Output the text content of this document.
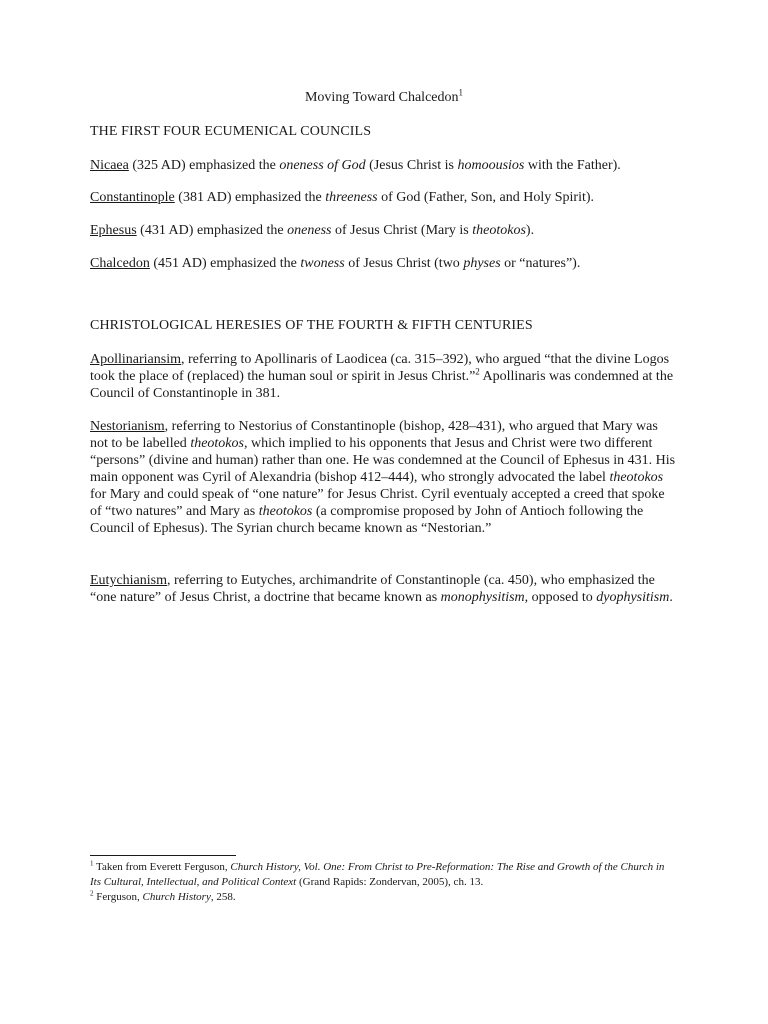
Moving Toward Chalcedon$^1$
THE FIRST FOUR ECUMENICAL COUNCILS

Nicaea (325 AD) emphasized the oneness of God (Jesus Christ is homoousios with the Father).

Constantinople (381 AD) emphasized the threeness of God (Father, Son, and Holy Spirit).

Ephesus (431 AD) emphasized the oneness of Jesus Christ (Mary is theotokos).

Chalcedon (451 AD) emphasized the twoness of Jesus Christ (two physes or “natures”).

CHRISTOLOGICAL HERESIES OF THE FOURTH & FIFTH CENTURIES

Apollinariansim, referring to Apollinaris of Laodicea (ca. 315–392), who argued “that the divine Logos took the place of (replaced) the human soul or spirit in Jesus Christ.”$^2$ Apollinaris was condemned at the Council of Constantinople in 381.

Nestorianism, referring to Nestorius of Constantinople (bishop, 428–431), who argued that Mary was not to be labelled theotokos, which implied to his opponents that Jesus and Christ were two different “persons” (divine and human) rather than one. He was condemned at the Council of Ephesus in 431. His main opponent was Cyril of Alexandria (bishop 412–444), who strongly advocated the label theotokos for Mary and could speak of “one nature” for Jesus Christ. Cyril eventualy accepted a creed that spoke of “two natures” and Mary as theotokos (a compromise proposed by John of Antioch following the Council of Ephesus). The Syrian church became known as “Nestorian.”

Eutychianism, referring to Eutyches, archimandrite of Constantinople (ca. 450), who emphasized the “one nature” of Jesus Christ, a doctrine that became known as monophysitism, opposed to dyophysitism.

$^1$ Taken from Everett Ferguson, Church History, Vol. One: From Christ to Pre-Reformation: The Rise and Growth of the Church in Its Cultural, Intellectual, and Political Context (Grand Rapids: Zondervan, 2005), ch. 13.

$^2$ Ferguson, Church History, 258.
